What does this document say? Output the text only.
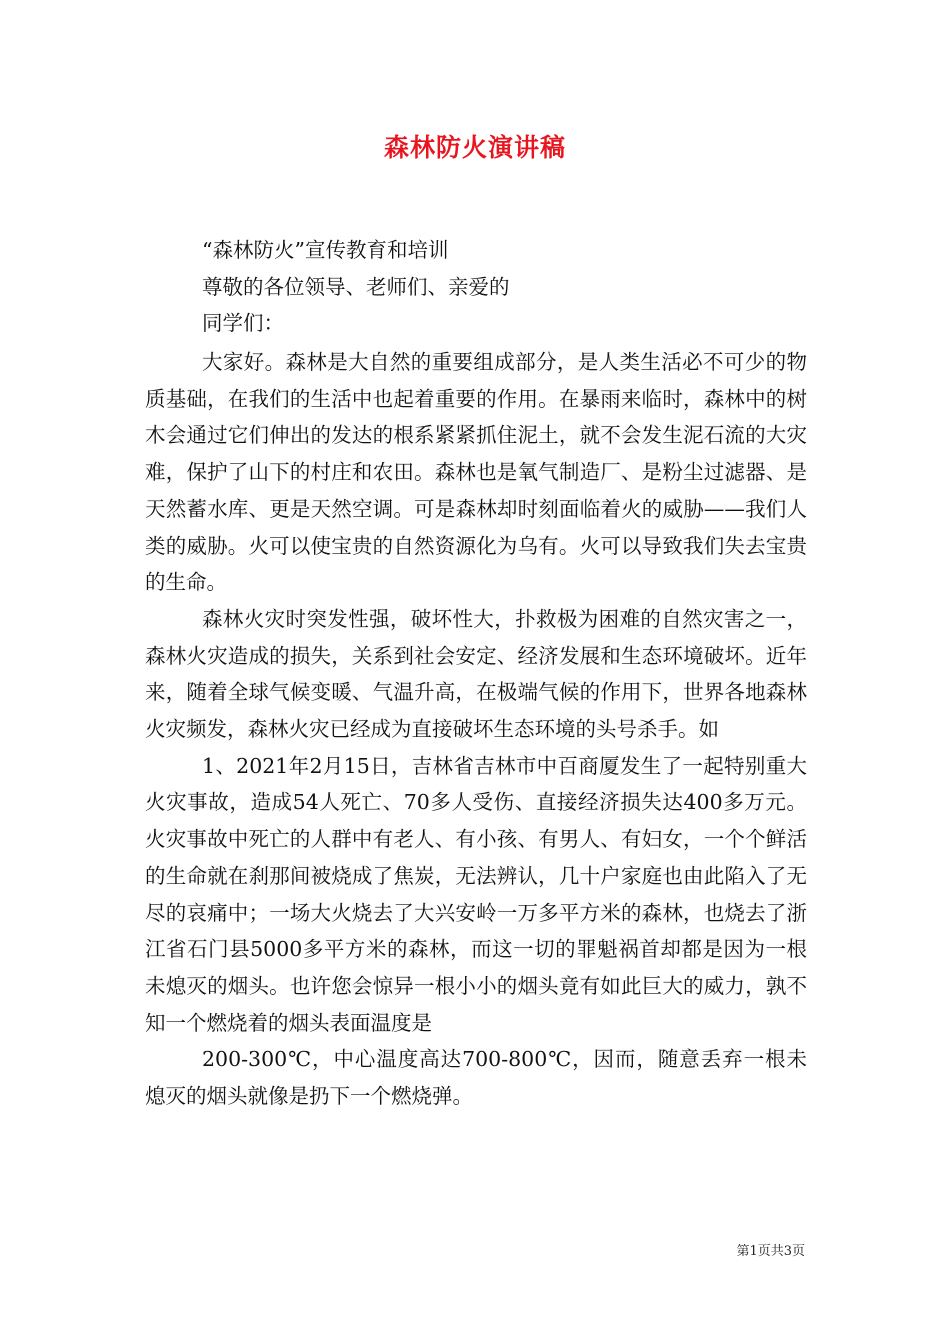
森林防火演讲稿
“森林防火”宣传教育和培训
尊敬的各位领导、老师们、亲爱的
同学们：

大家好。森林是大自然的重要组成部分，是人类生活必不可少的物质基础，在我们的生活中也起着重要的作用。在暴雨来临时，森林中的树木会通过它们伸出的发达的根系紧紧抓住泥土，就不会发生泥石流的大灾难，保护了山下的村庄和农田。森林也是氧气制造厂、是粉尘过滤器、是天然蓄水库、更是天然空调。可是森林却时刻面临着火的威胁——我们人类的威胁。火可以使宝贵的自然资源化为乌有。火可以导致我们失去宝贵的生命。

森林火灾时突发性强，破坏性大，扑救极为困难的自然灾害之一，森林火灾造成的损失，关系到社会安定、经济发展和生态环境破坏。近年来，随着全球气候变暖、气温升高，在极端气候的作用下，世界各地森林火灾频发，森林火灾已经成为直接破坏生态环境的头号杀手。如

1、2021年2月15日，吉林省吉林市中百商厦发生了一起特别重大火灾事故，造成54人死亡、70多人受伤、直接经济损失达400多万元。火灾事故中死亡的人群中有老人、有小孩、有男人、有妇女，一个个鲜活的生命就在刹那间被烧成了焦炭，无法辨认，几十户家庭也由此陷入了无尽的哀痛中；一场大火烧去了大兴安岭一万多平方米的森林，也烧去了浙江省石门县5000多平方米的森林，而这一切的罪魁祸首却都是因为一根未熄灭的烟头。也许您会惊异一根小小的烟头竟有如此巨大的威力，孰不知一个燃烧着的烟头表面温度是

200-300℃，中心温度高达700-800℃，因而，随意丢弃一根未熄灭的烟头就像是扔下一个燃烧弹。

第1页共3页
